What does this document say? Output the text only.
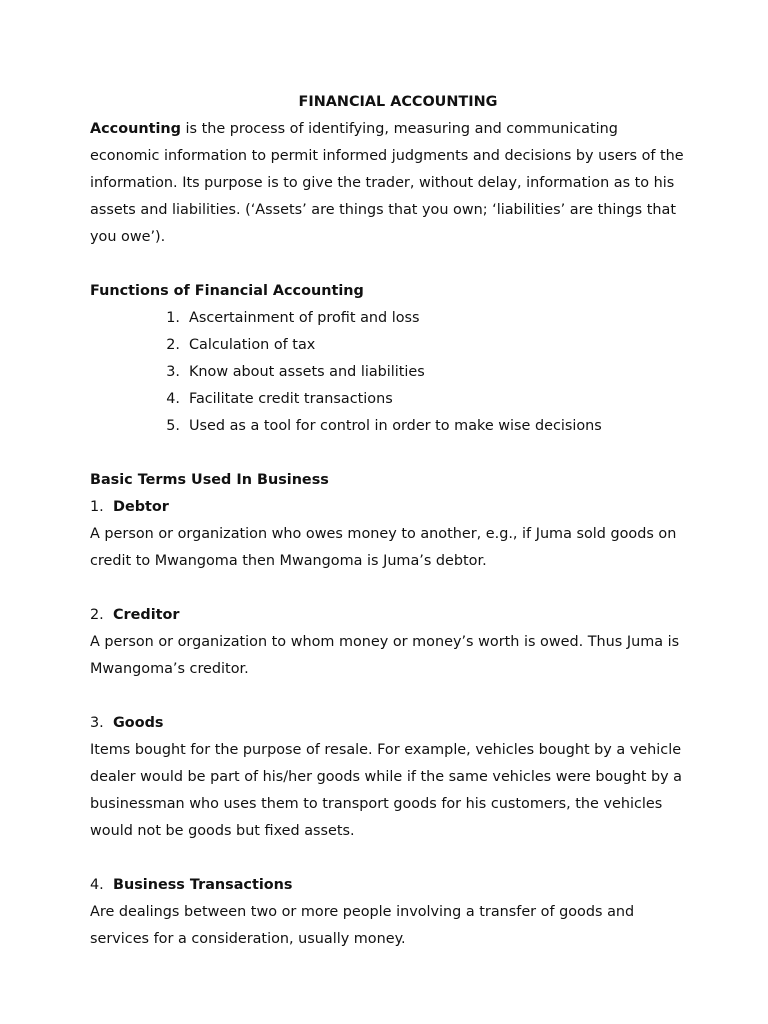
FINANCIAL ACCOUNTING

Accounting is the process of identifying, measuring and communicating economic information to permit informed judgments and decisions by users of the information. Its purpose is to give the trader, without delay, information as to his assets and liabilities. (‘Assets’ are things that you own; ‘liabilities’ are things that you owe’).

Functions of Financial Accounting

1. Ascertainment of profit and loss
2. Calculation of tax
3. Know about assets and liabilities
4. Facilitate credit transactions
5. Used as a tool for control in order to make wise decisions

Basic Terms Used In Business

1. Debtor

A person or organization who owes money to another, e.g., if Juma sold goods on credit to Mwangoma then Mwangoma is Juma’s debtor.

2. Creditor

A person or organization to whom money or money’s worth is owed. Thus Juma is Mwangoma’s creditor.

3. Goods

Items bought for the purpose of resale. For example, vehicles bought by a vehicle dealer would be part of his/her goods while if the same vehicles were bought by a businessman who uses them to transport goods for his customers, the vehicles would not be goods but fixed assets.

4. Business Transactions

Are dealings between two or more people involving a transfer of goods and services for a consideration, usually money.
